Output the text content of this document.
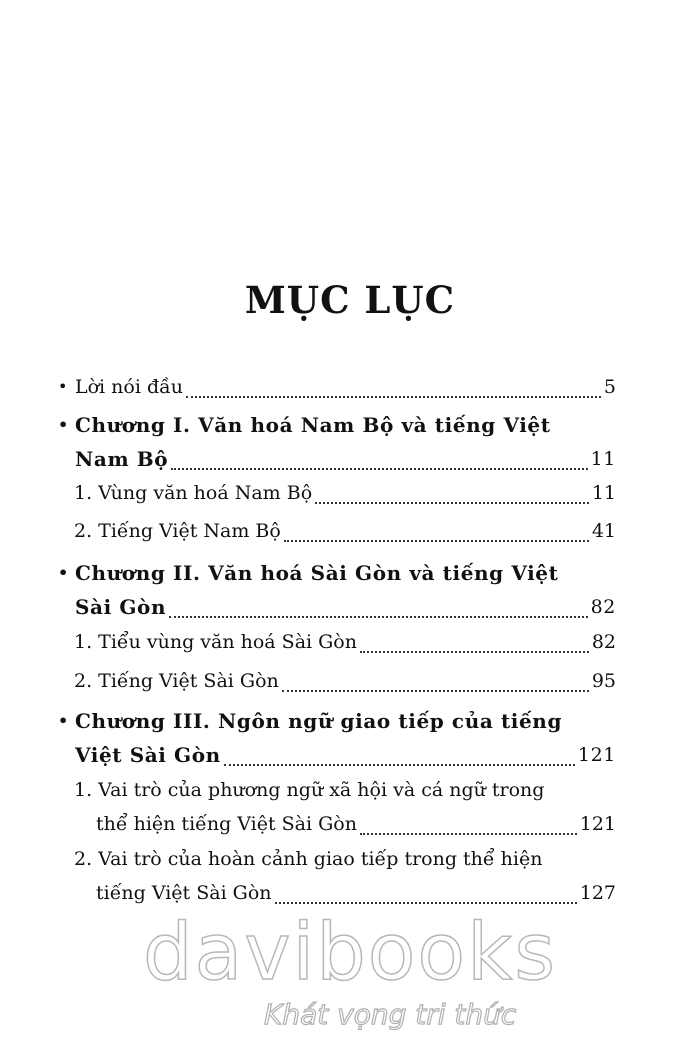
MỤC LỤC
• Lời nói đầu	5
• Chương I. Văn hoá Nam Bộ và tiếng Việt
Nam Bộ	11
1. Vùng văn hoá Nam Bộ	11
2. Tiếng Việt Nam Bộ	41
• Chương II. Văn hoá Sài Gòn và tiếng Việt
Sài Gòn	82
1. Tiểu vùng văn hoá Sài Gòn	82
2. Tiếng Việt Sài Gòn	95
• Chương III. Ngôn ngữ giao tiếp của tiếng
Việt Sài Gòn	121
1. Vai trò của phương ngữ xã hội và cá ngữ trong
thể hiện tiếng Việt Sài Gòn	121
2. Vai trò của hoàn cảnh giao tiếp trong thể hiện
tiếng Việt Sài Gòn	127
davibooks
Khát vọng tri thức
